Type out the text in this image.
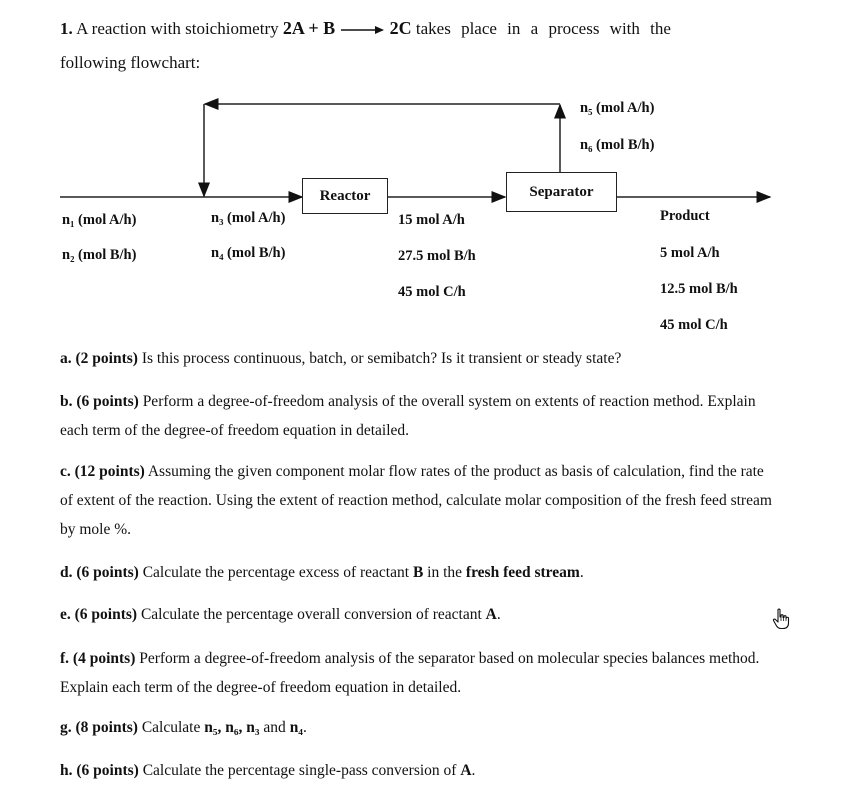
1. A reaction with stoichiometry 2A + B → 2C takes place in a process with the
following flowchart:
Reactor	Separator
n₁ (mol A/h)
n₂ (mol B/h)
n₃ (mol A/h)
n₄ (mol B/h)
15 mol A/h
27.5 mol B/h
45 mol C/h
n₅ (mol A/h)
n₆ (mol B/h)
Product
5 mol A/h
12.5 mol B/h
45 mol C/h
a. (2 points) Is this process continuous, batch, or semibatch? Is it transient or steady state?
b. (6 points) Perform a degree-of-freedom analysis of the overall system on extents of reaction method. Explain each term of the degree-of freedom equation in detailed.
c. (12 points) Assuming the given component molar flow rates of the product as basis of calculation, find the rate of extent of the reaction. Using the extent of reaction method, calculate molar composition of the fresh feed stream by mole %.
d. (6 points) Calculate the percentage excess of reactant B in the fresh feed stream.
e. (6 points) Calculate the percentage overall conversion of reactant A.
f. (4 points) Perform a degree-of-freedom analysis of the separator based on molecular species balances method. Explain each term of the degree-of freedom equation in detailed.
g. (8 points) Calculate n₅, n₆, n₃ and n₄.
h. (6 points) Calculate the percentage single-pass conversion of A.
